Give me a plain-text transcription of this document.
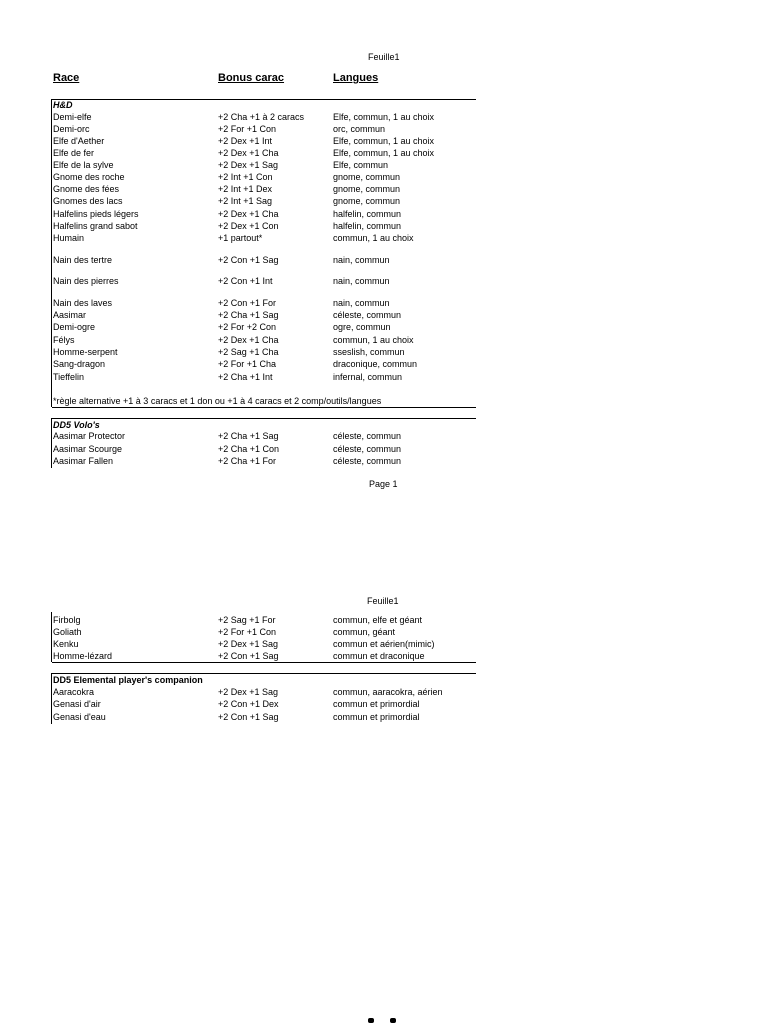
Feuille1
Race	Bonus carac	Langues
H&D
Demi-elfe	+2 Cha +1 à 2 caracs	Elfe, commun, 1 au choix
Demi-orc	+2 For +1 Con	orc, commun
Elfe d'Aether	+2 Dex +1 Int	Elfe, commun, 1 au choix
Elfe de fer	+2 Dex +1 Cha	Elfe, commun, 1 au choix
Elfe de la sylve	+2 Dex +1 Sag	Elfe, commun
Gnome des roche	+2 Int +1 Con	gnome, commun
Gnome des fées	+2 Int +1 Dex	gnome, commun
Gnomes des lacs	+2 Int +1 Sag	gnome, commun
Halfelins pieds légers	+2 Dex +1 Cha	halfelin, commun
Halfelins grand sabot	+2 Dex +1 Con	halfelin, commun
Humain	+1 partout*	commun, 1 au choix
Nain des tertre	+2 Con +1 Sag	nain, commun
Nain des pierres	+2 Con +1 Int	nain, commun
Nain des laves	+2 Con +1 For	nain, commun
Aasimar	+2 Cha +1 Sag	céleste, commun
Demi-ogre	+2 For +2 Con	ogre, commun
Félys	+2 Dex +1 Cha	commun, 1 au choix
Homme-serpent	+2 Sag +1 Cha	sseslish, commun
Sang-dragon	+2 For +1 Cha	draconique, commun
Tieffelin	+2 Cha +1 Int	infernal, commun
*règle alternative +1 à 3 caracs et 1 don ou +1 à 4 caracs et 2 comp/outils/langues
DD5 Volo's
Aasimar Protector	+2 Cha +1 Sag	céleste, commun
Aasimar Scourge	+2 Cha +1 Con	céleste, commun
Aasimar Fallen	+2 Cha +1 For	céleste, commun
Page 1
Feuille1
Firbolg	+2 Sag +1 For	commun, elfe et géant
Goliath	+2 For +1 Con	commun, géant
Kenku	+2 Dex +1 Sag	commun et aérien(mimic)
Homme-lézard	+2 Con +1 Sag	commun et draconique
DD5 Elemental player's companion
Aaracokra	+2 Dex +1 Sag	commun, aaracokra, aérien
Genasi d'air	+2 Con +1 Dex	commun et primordial
Genasi d'eau	+2 Con +1 Sag	commun et primordial
